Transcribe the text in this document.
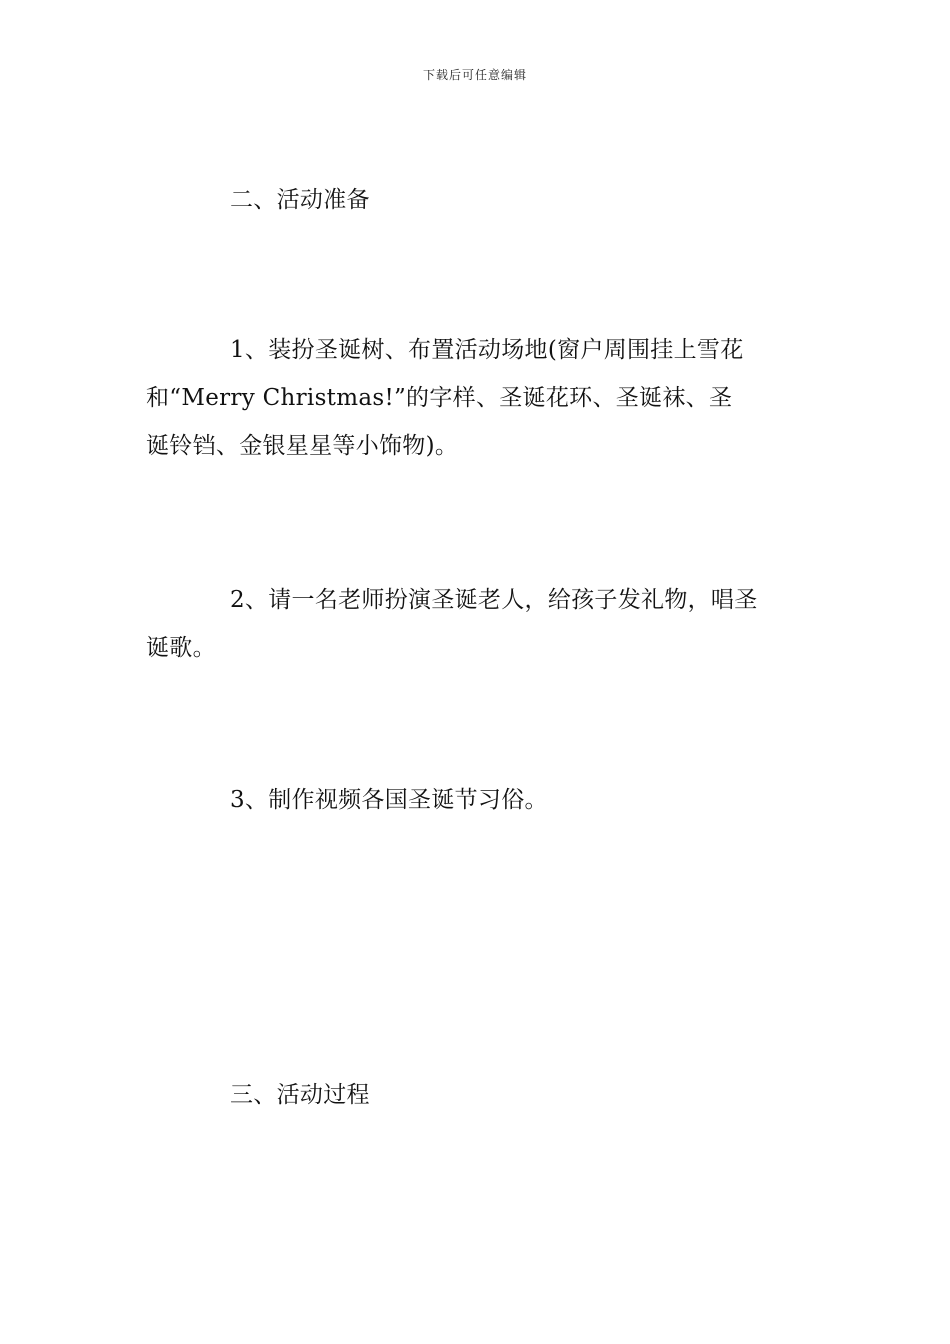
下载后可任意编辑

二、活动准备

1、装扮圣诞树、布置活动场地(窗户周围挂上雪花
和“Merry Christmas!”的字样、圣诞花环、圣诞袜、圣
诞铃铛、金银星星等小饰物)。

2、请一名老师扮演圣诞老人，给孩子发礼物，唱圣
诞歌。

3、制作视频各国圣诞节习俗。

三、活动过程
